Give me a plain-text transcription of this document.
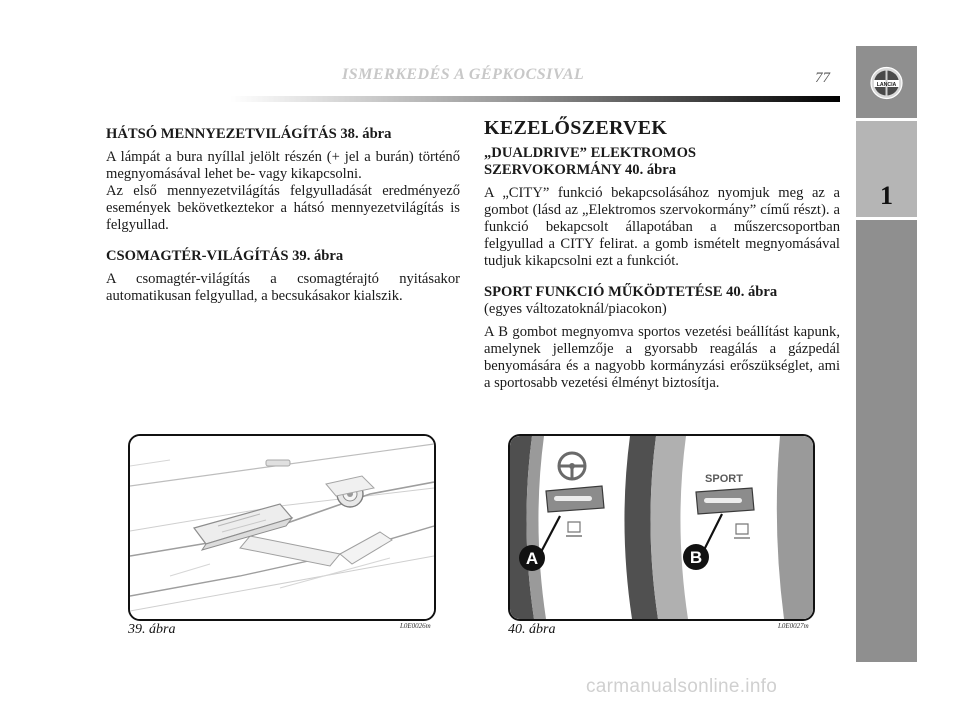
ISMERKEDÉS A GÉPKOCSIVAL	77	LANCIA
1
HÁTSÓ MENNYEZETVILÁGÍTÁS 38. ábra

A lámpát a bura nyíllal jelölt részén (+ jel a burán) történő megnyomásával lehet be- vagy kikapcsolni.

Az első mennyezetvilágítás felgyulladását eredményező események bekövetkeztekor a hátsó mennyezetvilágítás is felgyullad.

CSOMAGTÉR-VILÁGÍTÁS 39. ábra

A csomagtér-világítás a csomagtérajtó nyitásakor automatikusan felgyullad, a becsukásakor kialszik.

KEZELŐSZERVEK
„DUALDRIVE” ELEKTROMOS
SZERVOKORMÁNY 40. ábra

A „CITY” funkció bekapcsolásához nyomjuk meg az a gombot (lásd az „Elektromos szervokormány” című részt). a funkció bekapcsolt állapotában a műszercsoportban felgyullad a CITY felirat. a gomb ismételt megnyomásával tudjuk kikapcsolni ezt a funkciót.

SPORT FUNKCIÓ MŰKÖDTETÉSE 40. ábra

(egyes változatoknál/piacokon)

A B gombot megnyomva sportos vezetési beállítást kapunk, amelynek jellemzője a gyorsabb reagálás a gázpedál benyomására és a nagyobb kormányzási erőszükséglet, ami a sportosabb vezetési élményt biztosítja.

39. ábra	L0E0026m
A
SPORT
B
40. ábra	L0E0027m
carmanualsonline.info
